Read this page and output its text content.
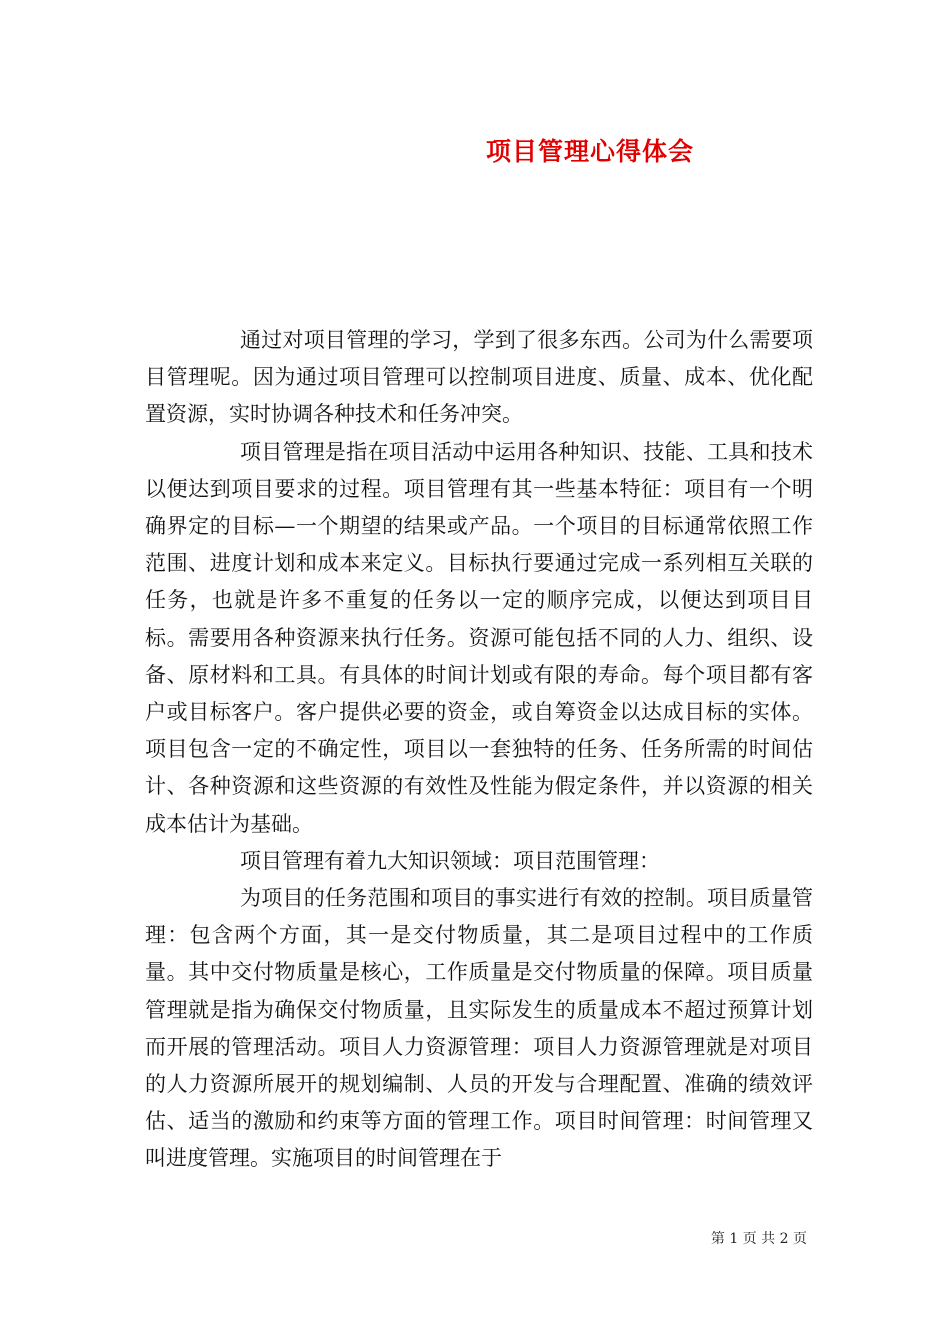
项目管理心得体会

通过对项目管理的学习，学到了很多东西。公司为什么需要项目管理呢。因为通过项目管理可以控制项目进度、质量、成本、优化配置资源，实时协调各种技术和任务冲突。

项目管理是指在项目活动中运用各种知识、技能、工具和技术以便达到项目要求的过程。项目管理有其一些基本特征：项目有一个明确界定的目标—一个期望的结果或产品。一个项目的目标通常依照工作范围、进度计划和成本来定义。目标执行要通过完成一系列相互关联的任务，也就是许多不重复的任务以一定的顺序完成，以便达到项目目标。需要用各种资源来执行任务。资源可能包括不同的人力、组织、设备、原材料和工具。有具体的时间计划或有限的寿命。每个项目都有客户或目标客户。客户提供必要的资金，或自筹资金以达成目标的实体。项目包含一定的不确定性，项目以一套独特的任务、任务所需的时间估计、各种资源和这些资源的有效性及性能为假定条件，并以资源的相关成本估计为基础。

项目管理有着九大知识领域：项目范围管理：

为项目的任务范围和项目的事实进行有效的控制。项目质量管理：包含两个方面，其一是交付物质量，其二是项目过程中的工作质量。其中交付物质量是核心，工作质量是交付物质量的保障。项目质量管理就是指为确保交付物质量，且实际发生的质量成本不超过预算计划而开展的管理活动。项目人力资源管理：项目人力资源管理就是对项目的人力资源所展开的规划编制、人员的开发与合理配置、准确的绩效评估、适当的激励和约束等方面的管理工作。项目时间管理：时间管理又叫进度管理。实施项目的时间管理在于

第 1 页 共 2 页
